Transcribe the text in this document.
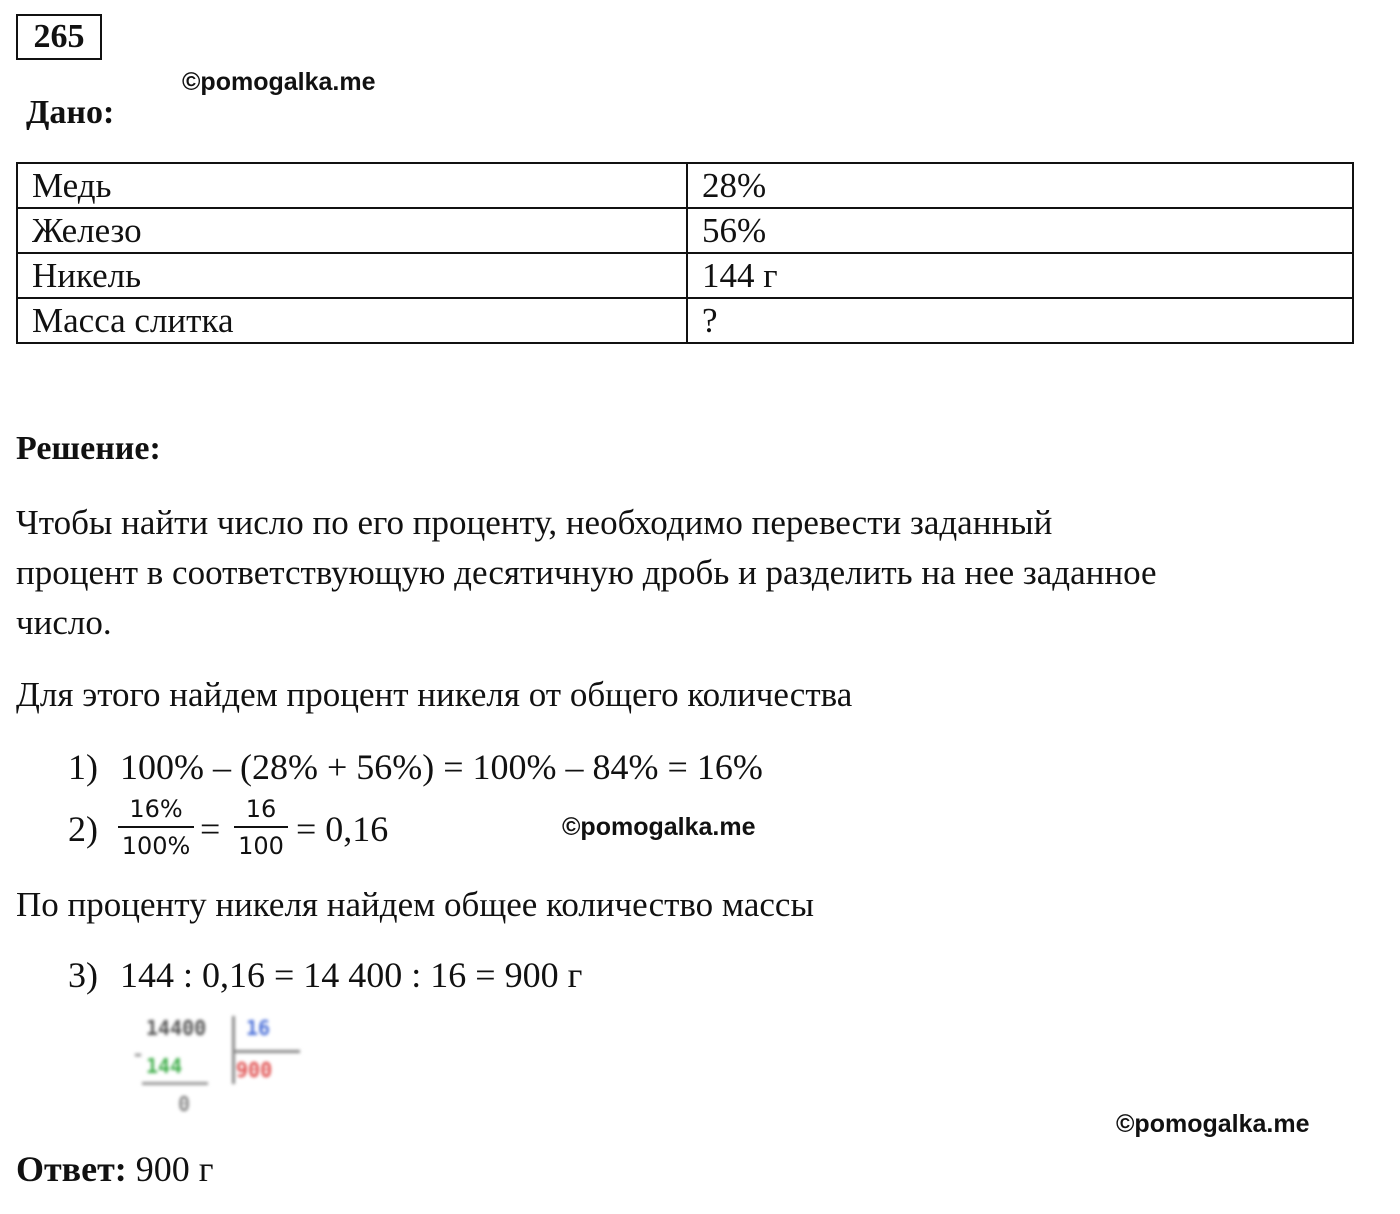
265
©pomogalka.me
Дано:
Медь	28%
Железо	56%
Никель	144 г
Масса слитка	?
Решение:
Чтобы найти число по его проценту, необходимо перевести заданный
процент в соответствующую десятичную дробь и разделить на нее заданное
число.
Для этого найдем процент никеля от общего количества
1) 100% – (28% + 56%) = 100% – 84% = 16%
2)	16%
100% =	16
100 = 0,16	©pomogalka.me
По проценту никеля найдем общее количество массы
3) 144 : 0,16 = 14 400 : 16 = 900 г
14400
-
16
144	900
0
©pomogalka.me
Ответ: 900 г
